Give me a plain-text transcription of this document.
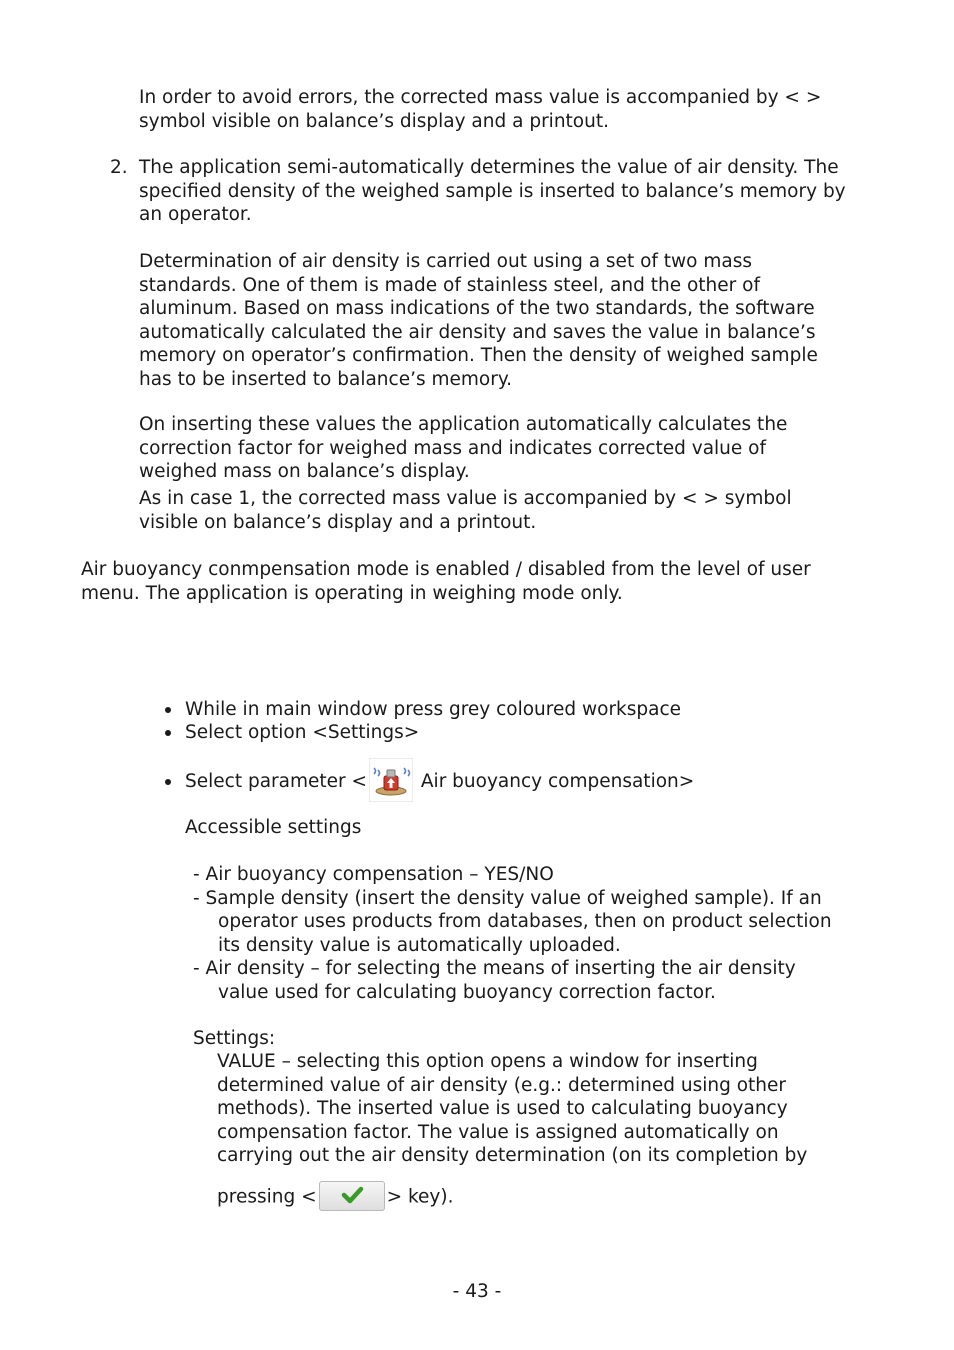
In order to avoid errors, the corrected mass value is accompanied by < >
symbol visible on balance’s display and a printout.
2. The application semi-automatically determines the value of air density. The
specified density of the weighed sample is inserted to balance’s memory by
an operator.
Determination of air density is carried out using a set of two mass
standards. One of them is made of stainless steel, and the other of
aluminum. Based on mass indications of the two standards, the software
automatically calculated the air density and saves the value in balance’s
memory on operator’s confirmation. Then the density of weighed sample
has to be inserted to balance’s memory.
On inserting these values the application automatically calculates the
correction factor for weighed mass and indicates corrected value of
weighed mass on balance’s display.
As in case 1, the corrected mass value is accompanied by < > symbol
visible on balance’s display and a printout.
Air buoyancy conmpensation mode is enabled / disabled from the level of user
menu. The application is operating in weighing mode only.
While in main window press grey coloured workspace
Select option <Settings>
Select parameter <	Air buoyancy compensation>
Accessible settings
- Air buoyancy compensation – YES/NO
- Sample density (insert the density value of weighed sample). If an
operator uses products from databases, then on product selection
its density value is automatically uploaded.
- Air density – for selecting the means of inserting the air density
value used for calculating buoyancy correction factor.
Settings:
VALUE – selecting this option opens a window for inserting
determined value of air density (e.g.: determined using other
methods). The inserted value is used to calculating buoyancy
compensation factor. The value is assigned automatically on
carrying out the air density determination (on its completion by
pressing <	> key).
- 43 -
